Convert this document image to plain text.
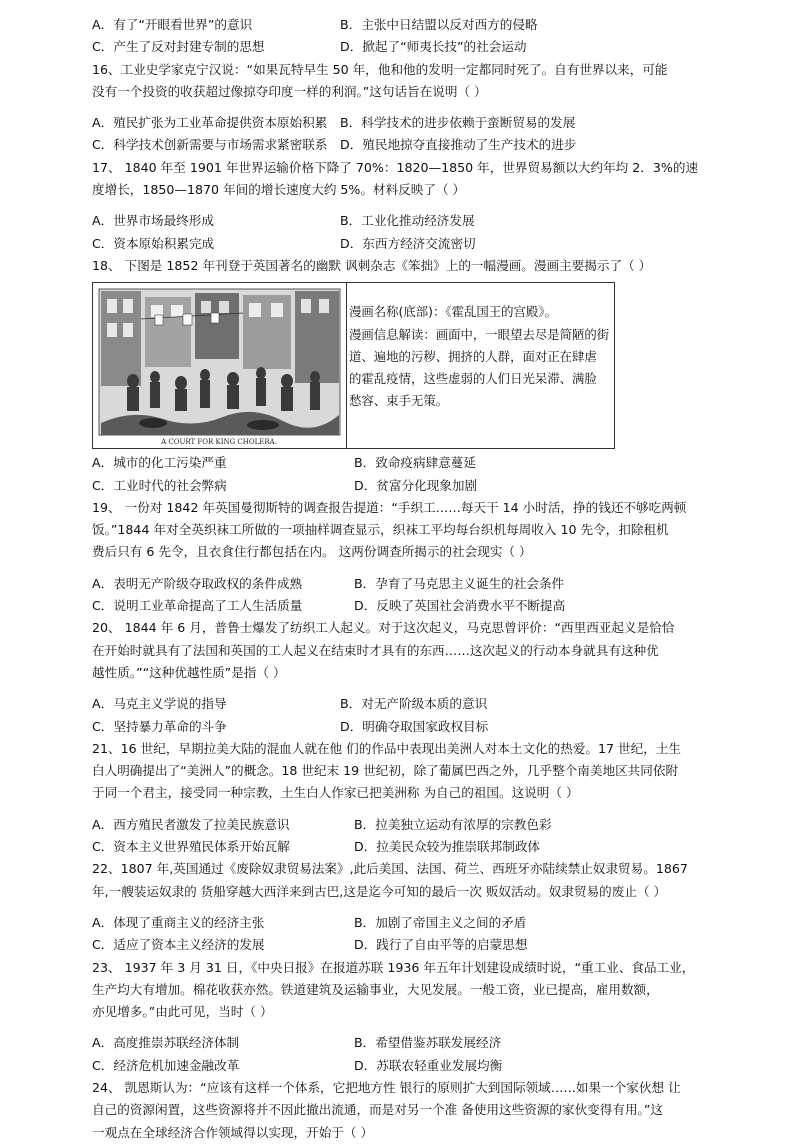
A．有了“开眼看世界”的意识	B．主张中日结盟以反对西方的侵略
C．产生了反对封建专制的思想	D．掀起了“师夷长技”的社会运动
16、工业史学家克宁汉说：“如果瓦特早生 50 年，他和他的发明一定都同时死了。自有世界以来，可能
没有一个投资的收获超过像掠夺印度一样的利润。”这句话旨在说明（ ）
A．殖民扩张为工业革命提供资本原始积累	B．科学技术的进步依赖于蛮断贸易的发展
C．科学技术创新需要与市场需求紧密联系 D．殖民地掠夺直接推动了生产技术的进步
17、 1840 年至 1901 年世界运输价格下降了 70%：1820—1850 年，世界贸易额以大约年均 2．3%的速
度增长，1850—1870 年间的增长速度大约 5%。材料反映了（ ）
A．世界市场最终形成	B．工业化推动经济发展
C．资本原始积累完成	D．东西方经济交流密切
18、 下图是 1852 年刊登于英国著名的幽默 讽刺杂志《笨拙》上的一幅漫画。漫画主要揭示了（ ）
A COURT FOR KING CHOLERA.
漫画名称(底部)：《霍乱国王的宫殿》。
漫画信息解读：画面中，一眼望去尽是简陋的街
道、遍地的污秽、拥挤的人群，面对正在肆虐
的霍乱疫情，这些虚弱的人们日光呆滞、满脸
愁容、束手无策。
A．城市的化工污染严重	B．致命疫病肆意蔓延
C．工业时代的社会弊病	D．贫富分化现象加剧
19、 一份对 1842 年英国曼彻斯特的调查报告提道：“手织工……每天干 14 小时活，挣的钱还不够吃两顿
饭。”1844 年对全英织袜工所做的一项抽样调查显示，织袜工平均每台织机每周收入 10 先令，扣除租机
费后只有 6 先令，且衣食住行都包括在内。 这两份调查所揭示的社会现实（ ）
A．表明无产阶级夺取政权的条件成熟	B．孕育了马克思主义诞生的社会条件
C．说明工业革命提高了工人生活质量	D．反映了英国社会消费水平不断提高
20、 1844 年 6 月，普鲁士爆发了纺织工人起义。对于这次起义，马克思曾评价：“西里西亚起义是恰恰
在开始时就具有了法国和英国的工人起义在结束时才具有的东西……这次起义的行动本身就具有这种优
越性质。”“这种优越性质”是指（ ）
A．马克主义学说的指导	B．对无产阶级本质的意识
C．坚持暴力革命的斗争	D．明确夺取国家政权目标
21、16 世纪，早期拉美大陆的混血人就在他 们的作品中表现出美洲人对本土文化的热爱。17 世纪，土生
白人明确提出了“美洲人”的概念。18 世纪末 19 世纪初，除了葡属巴西之外，几乎整个南美地区共同依附
于同一个君主，接受同一种宗教，土生白人作家已把美洲称 为自己的祖国。这说明（ ）
A．西方殖民者激发了拉美民族意识	B．拉美独立运动有浓厚的宗教色彩
C．资本主义世界殖民体系开始瓦解	D．拉美民众较为推崇联邦制政体
22、1807 年,英国通过《废除奴隶贸易法案》,此后美国、法国、荷兰、西班牙亦陆续禁止奴隶贸易。1867
年,一艘装运奴隶的 货船穿越大西洋来到古巴,这是迄今可知的最后一次 贩奴活动。奴隶贸易的废止（ ）
A．体现了重商主义的经济主张	B．加剧了帝国主义之间的矛盾
C．适应了资本主义经济的发展	D．践行了自由平等的启蒙思想
23、 1937 年 3 月 31 日，《中央日报》在报道苏联 1936 年五年计划建设成绩时说，“重工业、食品工业，
生产均大有增加。棉花收获亦然。铁道建筑及运输事业，大见发展。一般工资，业已提高，雇用数额，
亦见增多。”由此可见，当时（ ）
A．高度推崇苏联经济体制	B．希望借鉴苏联发展经济
C．经济危机加速金融改革	D．苏联农轻重业发展均衡
24、 凯恩斯认为：“应该有这样一个体系，它把地方性 银行的原则扩大到国际领域……如果一个家伙想 让
自己的资源闲置，这些资源将并不因此撤出流通，而是对另一个准 备使用这些资源的家伙变得有用。”这
一观点在全球经济合作领域得以实现，开始于（ ）
